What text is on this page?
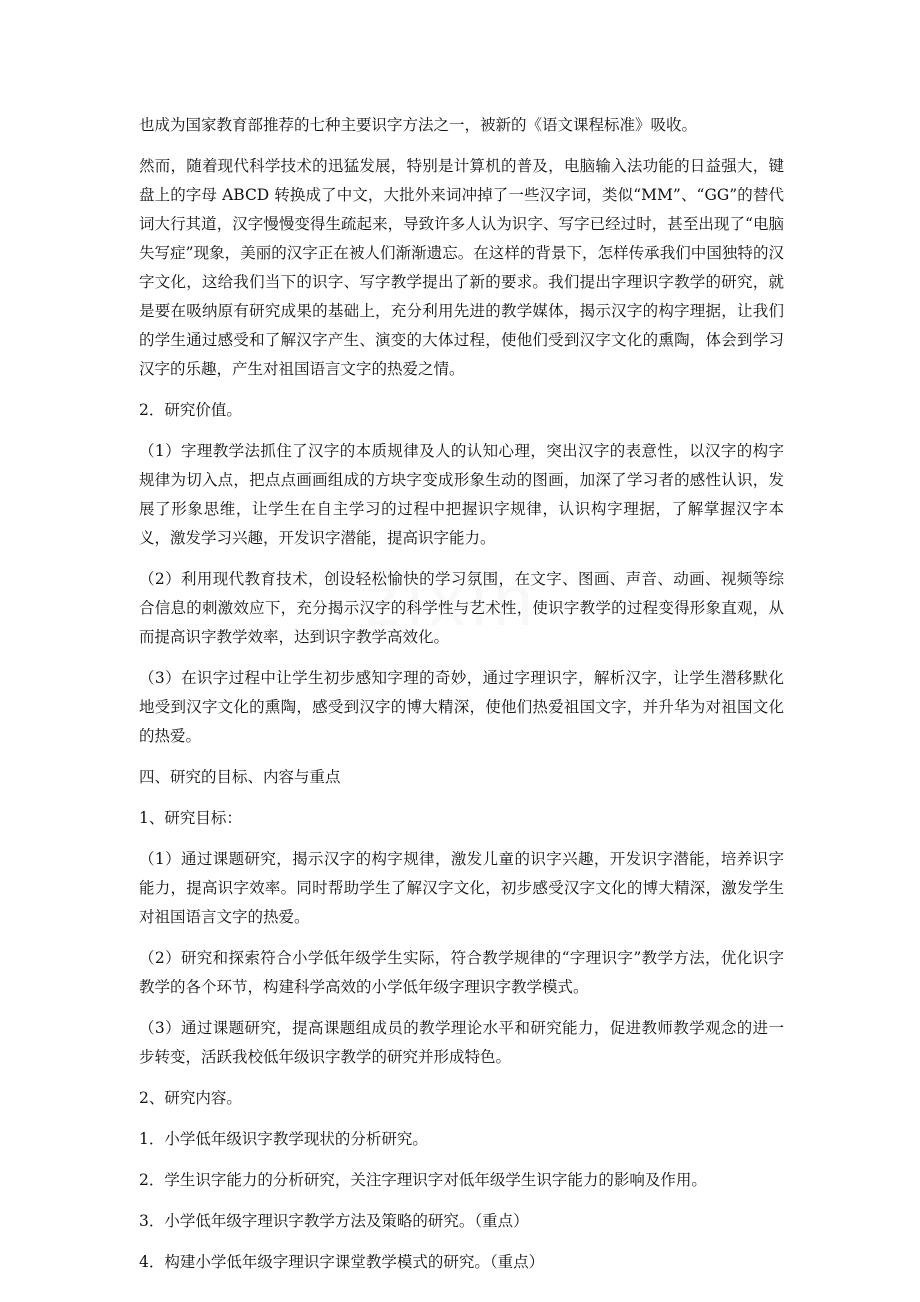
zixin

也成为国家教育部推荐的七种主要识字方法之一，被新的《语文课程标准》吸收。

然而，随着现代科学技术的迅猛发展，特别是计算机的普及，电脑输入法功能的日益强大，键盘上的字母 ABCD 转换成了中文，大批外来词冲掉了一些汉字词，类似“MM”、“GG”的替代词大行其道，汉字慢慢变得生疏起来，导致许多人认为识字、写字已经过时，甚至出现了“电脑失写症”现象，美丽的汉字正在被人们渐渐遗忘。在这样的背景下，怎样传承我们中国独特的汉字文化，这给我们当下的识字、写字教学提出了新的要求。我们提出字理识字教学的研究，就是要在吸纳原有研究成果的基础上，充分利用先进的教学媒体，揭示汉字的构字理据，让我们的学生通过感受和了解汉字产生、演变的大体过程，使他们受到汉字文化的熏陶，体会到学习汉字的乐趣，产生对祖国语言文字的热爱之情。

2．研究价值。

（1）字理教学法抓住了汉字的本质规律及人的认知心理，突出汉字的表意性，以汉字的构字规律为切入点，把点点画画组成的方块字变成形象生动的图画，加深了学习者的感性认识，发展了形象思维，让学生在自主学习的过程中把握识字规律，认识构字理据，了解掌握汉字本义，激发学习兴趣，开发识字潜能，提高识字能力。

（2）利用现代教育技术，创设轻松愉快的学习氛围，在文字、图画、声音、动画、视频等综合信息的刺激效应下，充分揭示汉字的科学性与艺术性，使识字教学的过程变得形象直观，从而提高识字教学效率，达到识字教学高效化。

（3）在识字过程中让学生初步感知字理的奇妙，通过字理识字，解析汉字，让学生潜移默化地受到汉字文化的熏陶，感受到汉字的博大精深，使他们热爱祖国文字，并升华为对祖国文化的热爱。

四、研究的目标、内容与重点

1、研究目标：

（1）通过课题研究，揭示汉字的构字规律，激发儿童的识字兴趣，开发识字潜能，培养识字能力，提高识字效率。同时帮助学生了解汉字文化，初步感受汉字文化的博大精深，激发学生对祖国语言文字的热爱。

（2）研究和探索符合小学低年级学生实际，符合教学规律的“字理识字”教学方法，优化识字教学的各个环节，构建科学高效的小学低年级字理识字教学模式。

（3）通过课题研究，提高课题组成员的教学理论水平和研究能力，促进教师教学观念的进一步转变，活跃我校低年级识字教学的研究并形成特色。

2、研究内容。

1．小学低年级识字教学现状的分析研究。

2．学生识字能力的分析研究，关注字理识字对低年级学生识字能力的影响及作用。

3．小学低年级字理识字教学方法及策略的研究。（重点）

4．构建小学低年级字理识字课堂教学模式的研究。（重点）
